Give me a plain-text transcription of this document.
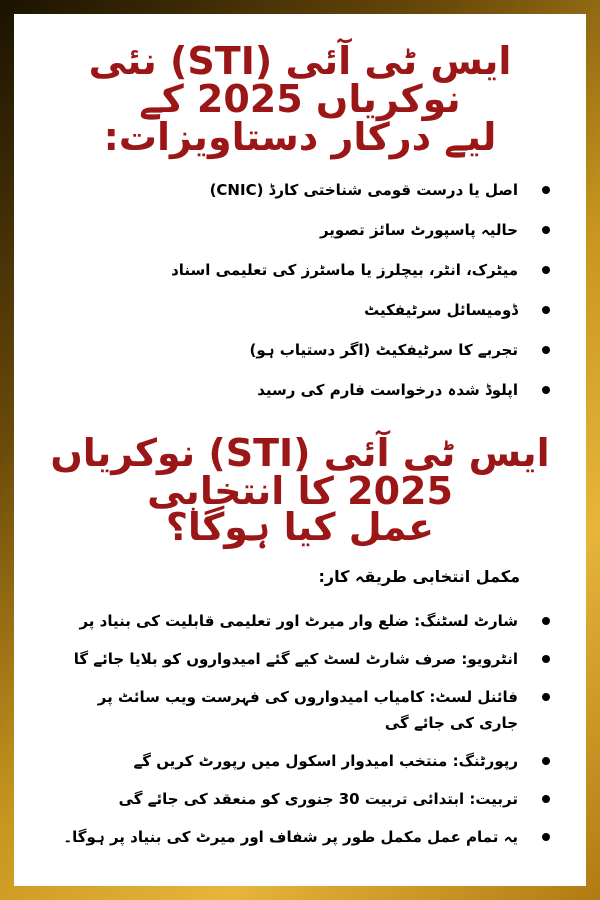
ایس ٹی آئی (STI) نئی نوکریاں 2025 کے
لیے درکار دستاویزات:
اصل یا درست قومی شناختی کارڈ (CNIC)
حالیہ پاسپورٹ سائز تصویر
میٹرک، انٹر، بیچلرز یا ماسٹرز کی تعلیمی اسناد
ڈومیسائل سرٹیفکیٹ
تجربے کا سرٹیفکیٹ (اگر دستیاب ہو)
اپلوڈ شدہ درخواست فارم کی رسید
ایس ٹی آئی (STI) نوکریاں 2025 کا انتخابی
عمل کیا ہوگا؟
مکمل انتخابی طریقہ کار:
شارٹ لسٹنگ: ضلع وار میرٹ اور تعلیمی قابلیت کی بنیاد پر
انٹرویو: صرف شارٹ لسٹ کیے گئے امیدواروں کو بلایا جائے گا
فائنل لسٹ: کامیاب امیدواروں کی فہرست ویب سائٹ پر جاری کی جائے گی
رپورٹنگ: منتخب امیدوار اسکول میں رپورٹ کریں گے
تربیت: ابتدائی تربیت 30 جنوری کو منعقد کی جائے گی
یہ تمام عمل مکمل طور پر شفاف اور میرٹ کی بنیاد پر ہوگا۔
